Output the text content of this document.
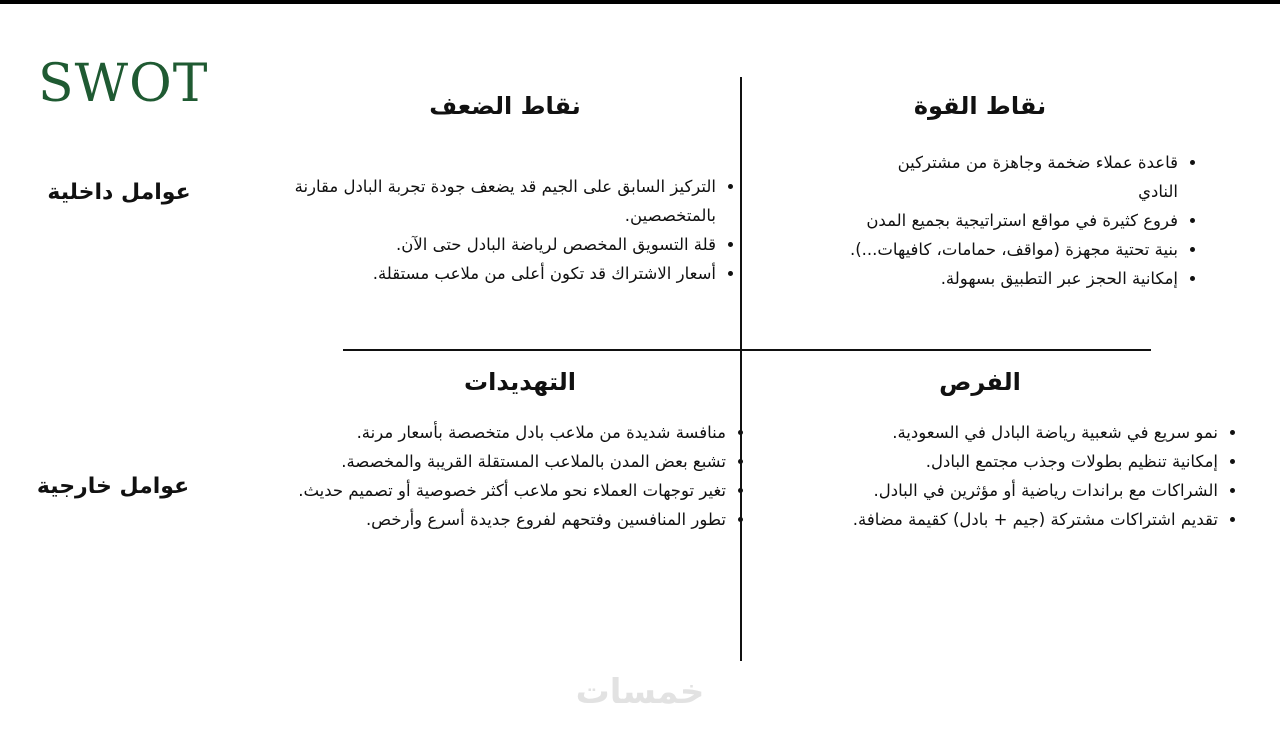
SWOT
عوامل داخلية
عوامل خارجية
نقاط القوة
• قاعدة عملاء ضخمة وجاهزة من مشتركين النادي
• فروع كثيرة في مواقع استراتيجية بجميع المدن
• بنية تحتية مجهزة (مواقف، حمامات، كافيهات...).
• إمكانية الحجز عبر التطبيق بسهولة.
نقاط الضعف
• التركيز السابق على الجيم قد يضعف جودة تجربة البادل مقارنة بالمتخصصين.
• قلة التسويق المخصص لرياضة البادل حتى الآن.
• أسعار الاشتراك قد تكون أعلى من ملاعب مستقلة.
الفرص
• نمو سريع في شعبية رياضة البادل في السعودية.
• إمكانية تنظيم بطولات وجذب مجتمع البادل.
• الشراكات مع براندات رياضية أو مؤثرين في البادل.
• تقديم اشتراكات مشتركة (جيم + بادل) كقيمة مضافة.
التهديدات
• منافسة شديدة من ملاعب بادل متخصصة بأسعار مرنة.
• تشبع بعض المدن بالملاعب المستقلة القريبة والمخصصة.
• تغير توجهات العملاء نحو ملاعب أكثر خصوصية أو تصميم حديث.
• تطور المنافسين وفتحهم لفروع جديدة أسرع وأرخص.
خمسات
